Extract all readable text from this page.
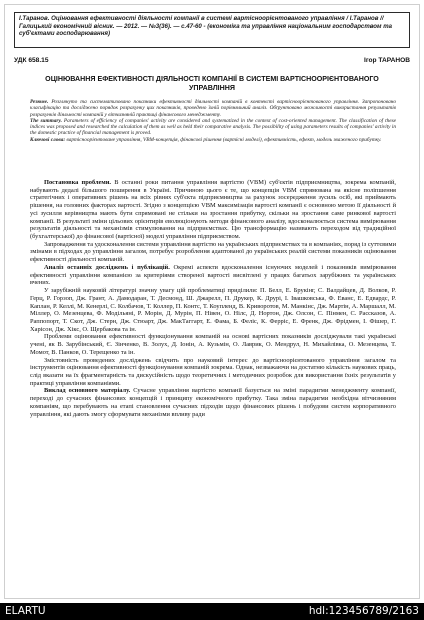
І.Таранов. Оцінювання ефективності діяльності компанії в системі вартісноорієнтованого управління / І.Таранов // Галицький економічний вісник. — 2012. — №3(36). — с.47-60 - (економіка та управління національним господарством та суб'єктами господарювання)
УДК 658.15	Ігор ТАРАНОВ
ОЦІНЮВАННЯ ЕФЕКТИВНОСТІ ДІЯЛЬНОСТІ КОМПАНІЇ В СИСТЕМІ ВАРТІСНООРІЄНТОВАНОГО УПРАВЛІННЯ
Резюме. Розглянуто та систематизовано показники ефективності діяльності компаній в контексті вартісноорієнтованого управління. Запропоновано класифікацію та досліджено порядок розрахунку цих показників, проведено їхній порівняльний аналіз. Обґрунтовано можливості використання результатів розрахунків діяльності компаній у вітчизняній практиці фінансового менеджменту.
The summary. Parameters of efficiency of companies' activity are considered and systematized in the context of cost-oriented management. The classification of these indices was proposed and researched the calculation of them as well as held their comparative analysis. The possibility of using parameters results of companies' activity in the domestic practice of financial management is proved.
Ключові слова: вартісноорієнтоване управління, VBM-концепція, фінансові рішення (вартісні моделі), ефективність, ефект, модель зваженого прибутку.

Постановка проблеми. В останні роки питання управління вартістю (VBM) суб'єктів підприємництва, зокрема компаній, набувають дедалі більшого поширення в Україні. Причиною цього є те, що концепція VBM спрямована на якісне поліпшення стратегічних і оперативних рішень на всіх рівнях суб'єкта підприємництва за рахунок зосередження зусиль осіб, які приймають рішення, на головних факторах вартості. Згідно з концепцією VBM максимізація вартості компанії є основною метою її діяльності й усі зусилля керівництва мають бути спрямовані не стільки на зростання прибутку, скільки на зростання саме ринкової вартості компанії. В результаті зміни цільових орієнтирів еволюціонують методи фінансового аналізу, вдосконалюється система вимірювання результатів діяльності та механізмів стимулювання на підприємствах. Цю трансформацію називають переходом від традиційної (бухгалтерської) до фінансової (вартісної) моделі управління підприємством.

Запровадження та удосконалення системи управління вартістю на українських підприємствах та в компаніях, поряд із суттєвими змінами в підходах до управління загалом, потребує розроблення адаптованої до українських реалій системи показників оцінювання ефективності діяльності компаній.

Аналіз останніх досліджень і публікацій. Окремі аспекти вдосконалення існуючих моделей і показників вимірювання ефективності управління компанією за критеріями створеної вартості висвітлені у працях багатьох зарубіжних та українських вчених.

У зарубіжній науковій літературі значну увагу цій проблематиці приділили: П. Белл, Е. Брукінг, С. Валдайцев, Д. Волков, Р. Герц, Р. Горзоп, Дж. Грант, А. Дамодаран, Т. Десмонд, Ш. Джарелл, П. Друкер, К. Друрі, І. Івашковська, Ф. Еванс, Е. Едвардс, Р. Каплан, Р. Келлі, М. Кенерлі, С. Колбачов, Т. Коллер, П. Контс, Т. Коупленд, В. Криворотов, М. Манкінс, Дж. Мартін, А. Маршалл, М. Міллер, О. Мезенцева, Ф. Модільяні, Р. Морін, Д. Мурін, П. Нівен, О. Нілс, Д. Нортон, Дж. Олсон, С. Пінмен, С. Рассказов, А. Раппопорт, Т. Скот, Дж. Стерн, Дж. Стюарт, Дж. МакТаггарт, Е. Фама, Б. Феліс, К. Ферріс, Е. Френк, Дж. Фрідмен, І. Фішер, Г. Харісон, Дж. Хікс, О. Щербакова та ін.

Проблеми оцінювання ефективності функціонування компаній на основі вартісних показників досліджували такі українські учені, як В. Зарубінський, Є. Зінченко, В. Золух, Д. Іонін, А. Кузьмін, О. Лаврик, О. Мендрул, Н. Михайлівка, О. Мезенцева, Т. Момот, В. Панков, О. Терещенко та ін.

Змістовність проведених досліджень свідчить про науковий інтерес до вартісноорієнтованого управління загалом та інструментів оцінювання ефективності функціонування компаній зокрема. Однак, незважаючи на достатню кількість наукових праць, слід вказати на їх фрагментарність та дискусійність щодо теоретичних і методичних розробок для використання їхніх результатів у практиці управління компаніями.

Виклад основного матеріалу. Сучасне управління вартістю компанії базується на зміні парадигми менеджменту компанії, переході до сучасних фінансових концепцій і принципу економічного прибутку. Така зміна парадигми необхідна вітчизняним компаніям, що перебувають на етапі становлення сучасних підходів щодо фінансових рішень і побудови систем корпоративного управління, які дають змогу сформувати механізми впливу ради

ELARTU	hdl:123456789/2163
